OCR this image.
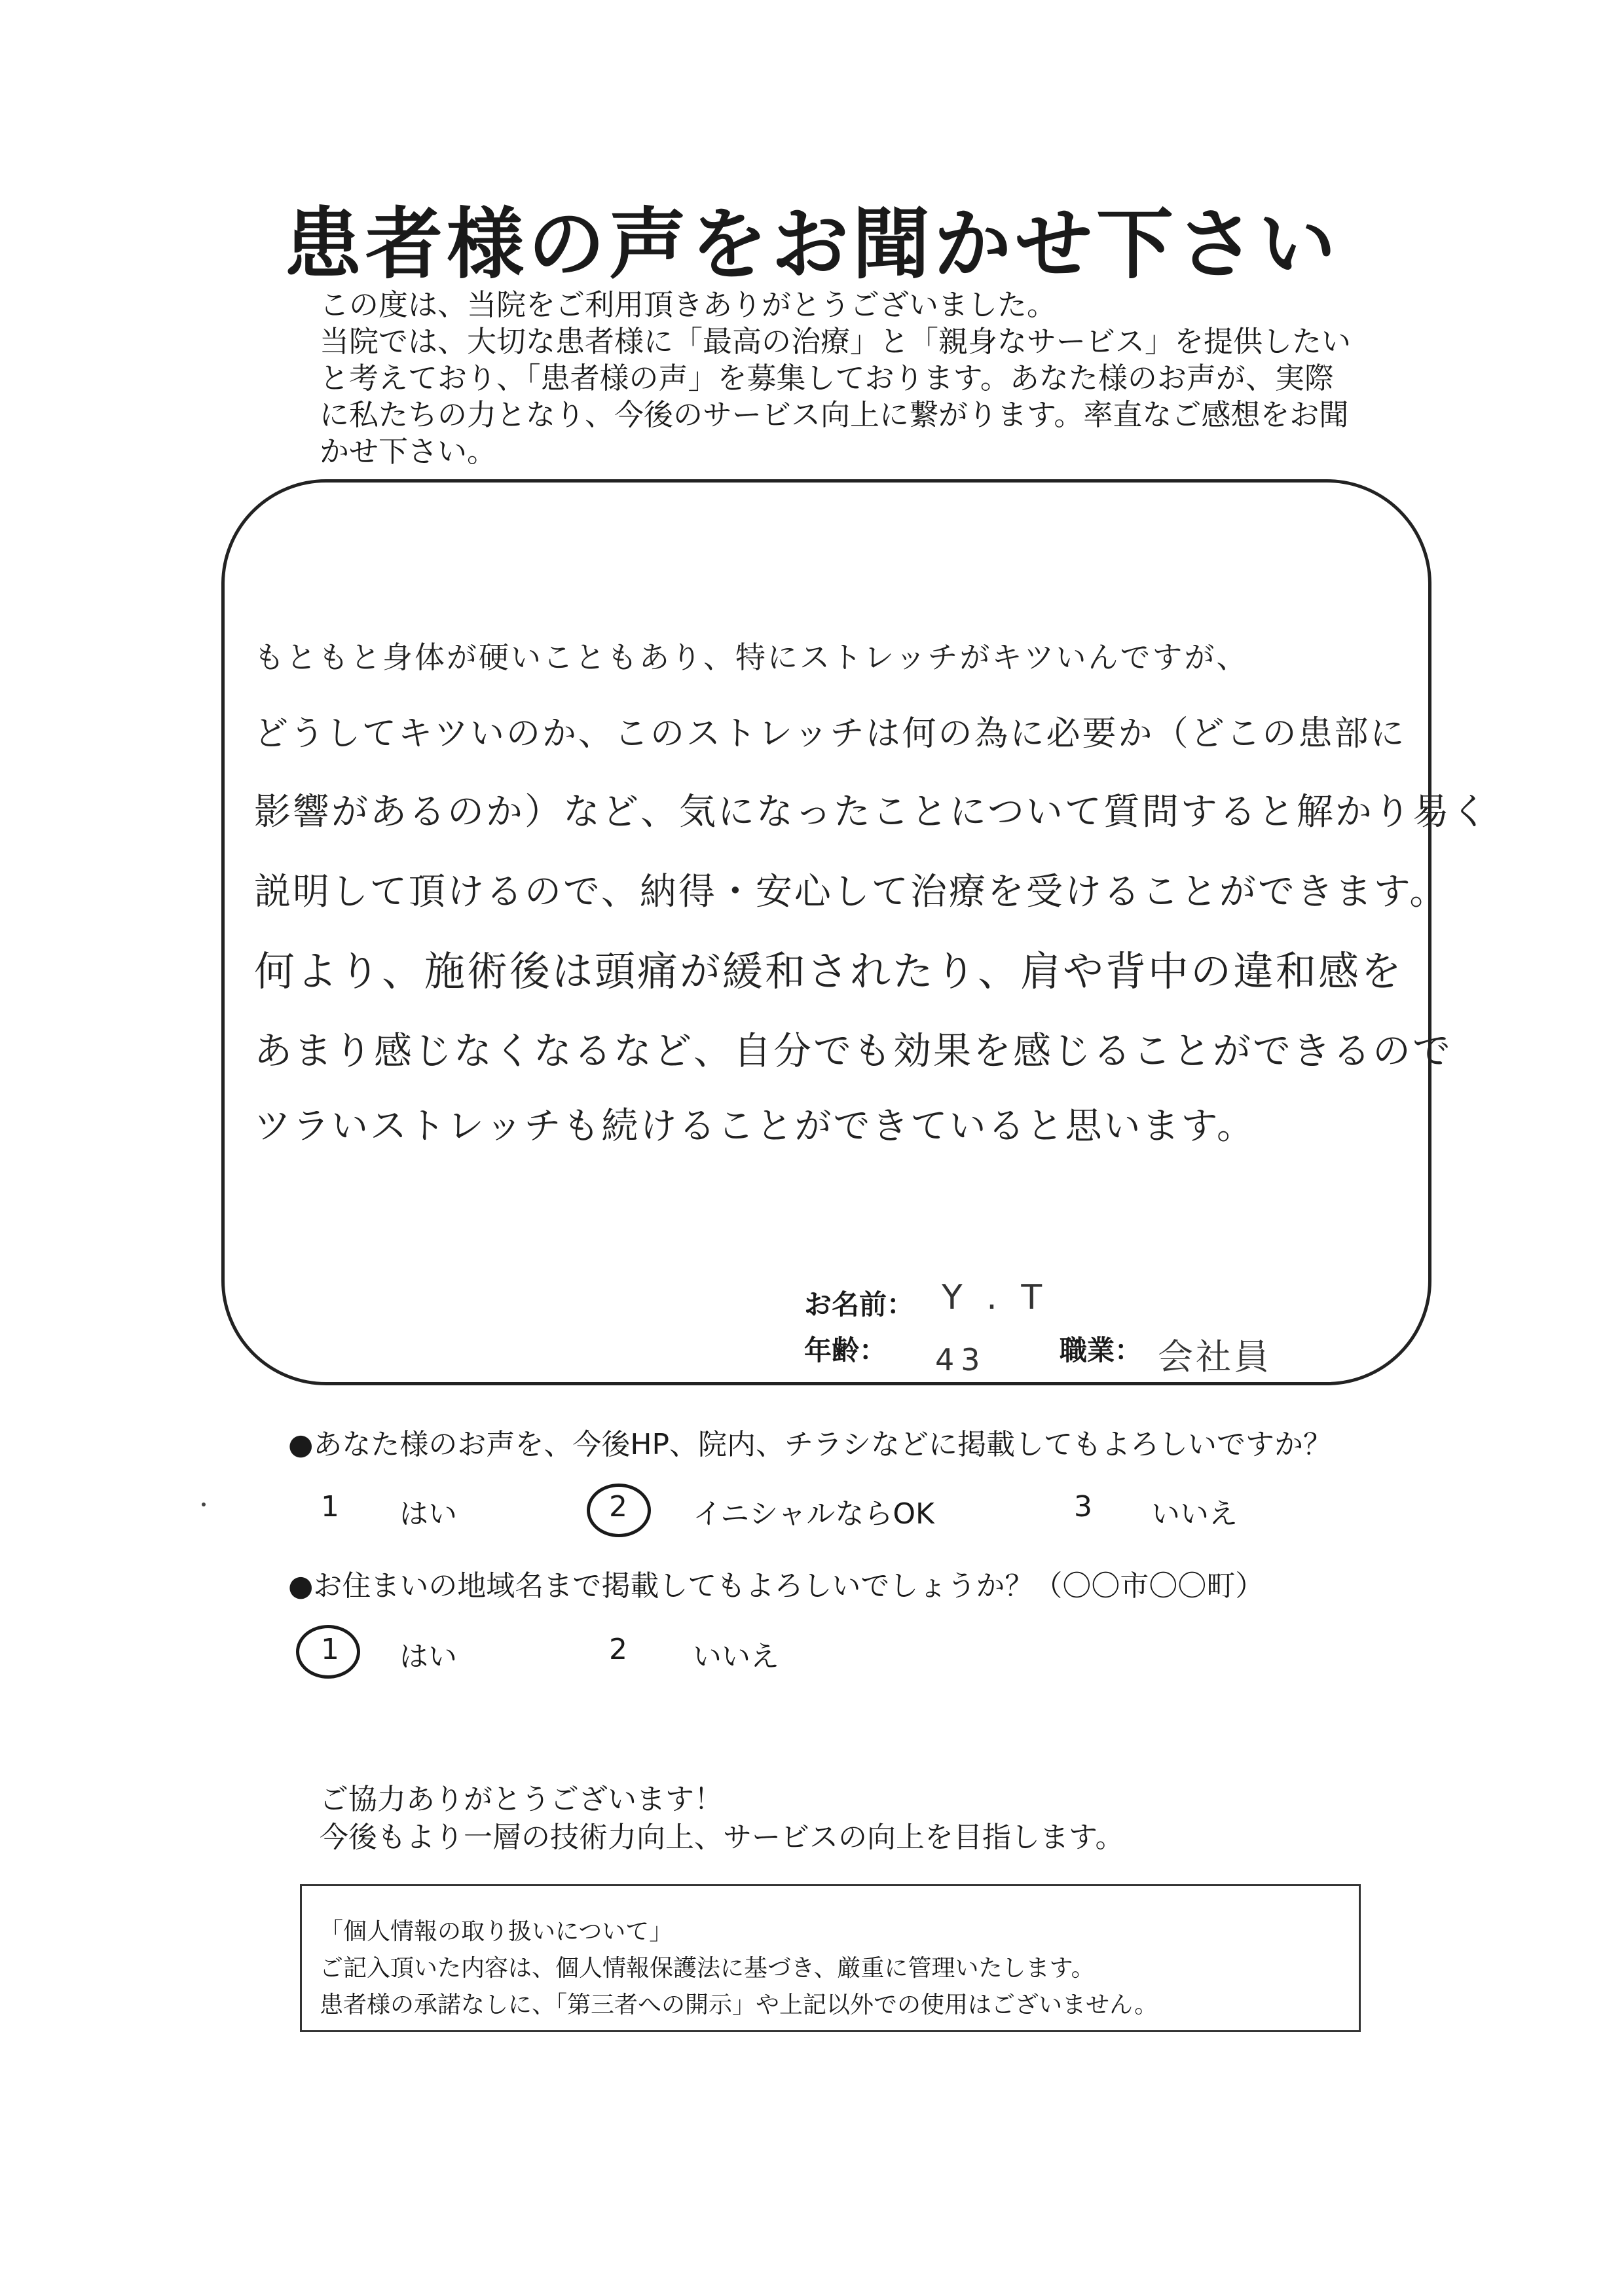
患者様の声をお聞かせ下さい
この度は、当院をご利用頂きありがとうございました。
当院では、大切な患者様に「最高の治療」と「親身なサービス」を提供したい
と考えており、「患者様の声」を募集しております。あなた様のお声が、実際
に私たちの力となり、今後のサービス向上に繋がります。率直なご感想をお聞
かせ下さい。
もともと身体が硬いこともあり、特にストレッチがキツいんですが、
どうしてキツいのか、このストレッチは何の為に必要か（どこの患部に
影響があるのか）など、気になったことについて質問すると解かり易く
説明して頂けるので、納得・安心して治療を受けることができます。
何より、施術後は頭痛が緩和されたり、肩や背中の違和感を
あまり感じなくなるなど、自分でも効果を感じることができるので
ツラいストレッチも続けることができていると思います。
お名前： Y . T
年齢： 43	職業： 会社員
●あなた様のお声を、今後HP、院内、チラシなどに掲載してもよろしいですか？
1 はい	2 イニシャルならOK	3 いいえ
●お住まいの地域名まで掲載してもよろしいでしょうか？（〇〇市〇〇町）
1 はい	2 いいえ
ご協力ありがとうございます！
今後もより一層の技術力向上、サービスの向上を目指します。
「個人情報の取り扱いについて」
ご記入頂いた内容は、個人情報保護法に基づき、厳重に管理いたします。
患者様の承諾なしに、「第三者への開示」や上記以外での使用はございません。
